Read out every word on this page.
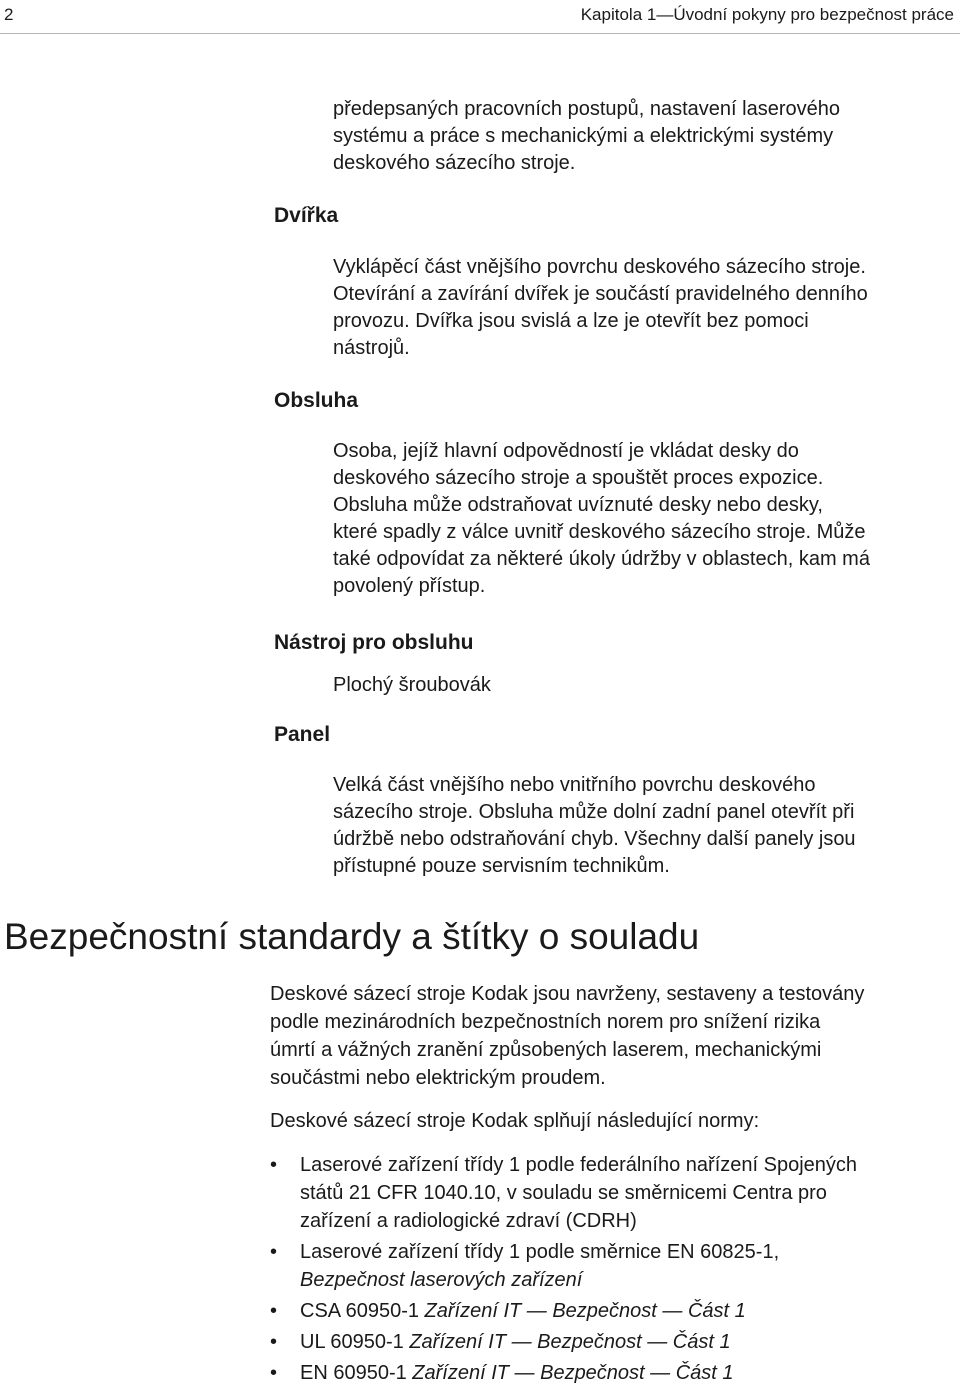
2	Kapitola 1—Úvodní pokyny pro bezpečnost práce
předepsaných pracovních postupů, nastavení laserového
systému a práce s mechanickými a elektrickými systémy
deskového sázecího stroje.
Dvířka
Vyklápěcí část vnějšího povrchu deskového sázecího stroje.
Otevírání a zavírání dvířek je součástí pravidelného denního
provozu. Dvířka jsou svislá a lze je otevřít bez pomoci
nástrojů.
Obsluha
Osoba, jejíž hlavní odpovědností je vkládat desky do
deskového sázecího stroje a spouštět proces expozice.
Obsluha může odstraňovat uvíznuté desky nebo desky,
které spadly z válce uvnitř deskového sázecího stroje. Může
také odpovídat za některé úkoly údržby v oblastech, kam má
povolený přístup.
Nástroj pro obsluhu
Plochý šroubovák
Panel
Velká část vnějšího nebo vnitřního povrchu deskového
sázecího stroje. Obsluha může dolní zadní panel otevřít při
údržbě nebo odstraňování chyb. Všechny další panely jsou
přístupné pouze servisním technikům.
Bezpečnostní standardy a štítky o souladu
Deskové sázecí stroje Kodak jsou navrženy, sestaveny a testovány
podle mezinárodních bezpečnostních norem pro snížení rizika
úmrtí a vážných zranění způsobených laserem, mechanickými
součástmi nebo elektrickým proudem.
Deskové sázecí stroje Kodak splňují následující normy:
• Laserové zařízení třídy 1 podle federálního nařízení Spojených
států 21 CFR 1040.10, v souladu se směrnicemi Centra pro
zařízení a radiologické zdraví (CDRH)
• Laserové zařízení třídy 1 podle směrnice EN 60825-1,
Bezpečnost laserových zařízení
• CSA 60950-1 Zařízení IT — Bezpečnost — Část 1
• UL 60950-1 Zařízení IT — Bezpečnost — Část 1
• EN 60950-1 Zařízení IT — Bezpečnost — Část 1
